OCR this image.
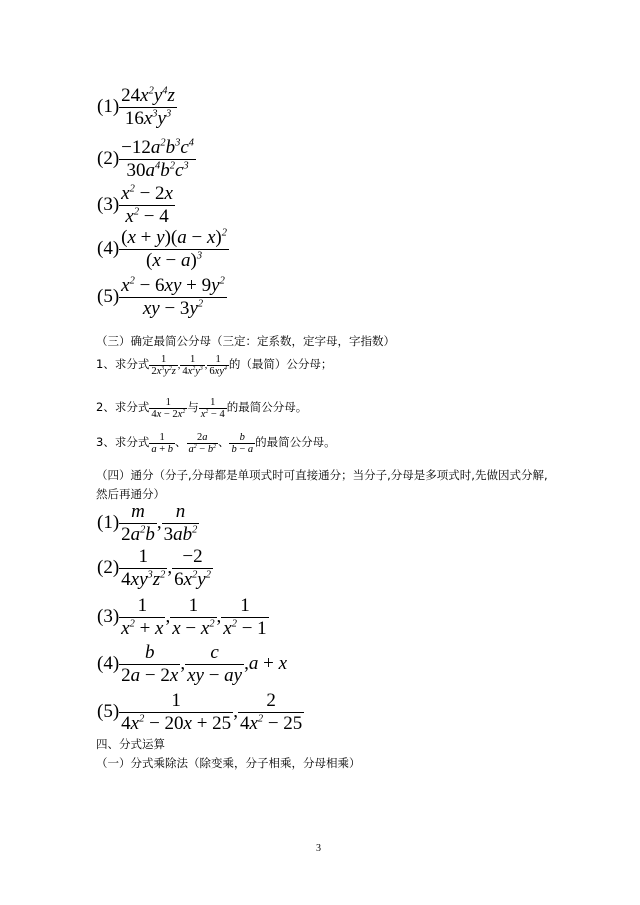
$(1) \frac{24x^2y^4z}{16x^3y^3}$
$(2) \frac{-12a^2b^3c^4}{30a^4b^2c^3}$
$(3) \frac{x^2 - 2x}{x^2 - 4}$
$(4) \frac{(x + y)(a - x)^2}{(x - a)^3}$
$(5) \frac{x^2 - 6xy + 9y^2}{xy - 3y^2}$
（三）确定最简公分母（三定：定系数，定字母，字指数）
1、求分式 $\frac{1}{2x^3y^2z}$ , $\frac{1}{4x^2y^3}$ , $\frac{1}{6xy^4}$ 的（最简）公分母；
2、求分式 $\frac{1}{4x - 2x^2}$ 与 $\frac{1}{x^2 - 4}$ 的最简公分母。
3、求分式 $\frac{1}{a + b}$ 、 $\frac{2a}{a^2 - b^2}$ 、 $\frac{b}{b - a}$ 的最简公分母。
（四）通分（分子,分母都是单项式时可直接通分；当分子,分母是多项式时,先做因式分解,
然后再通分）
$(1) \frac{m}{2a^2b}$ , $\frac{n}{3ab^2}$
$(2) \frac{1}{4xy^3z^2}$ , $\frac{-2}{6x^2y^2}$
$(3) \frac{1}{x^2 + x}$ , $\frac{1}{x - x^2}$ , $\frac{1}{x^2 - 1}$
$(4) \frac{b}{2a - 2x}$ , $\frac{c}{xy - ay} ,a + x$
$(5) \frac{1}{4x^2 - 20x + 25}$ , $\frac{2}{4x^2 - 25}$
四、分式运算
（一）分式乘除法（除变乘，分子相乘，分母相乘）
3
